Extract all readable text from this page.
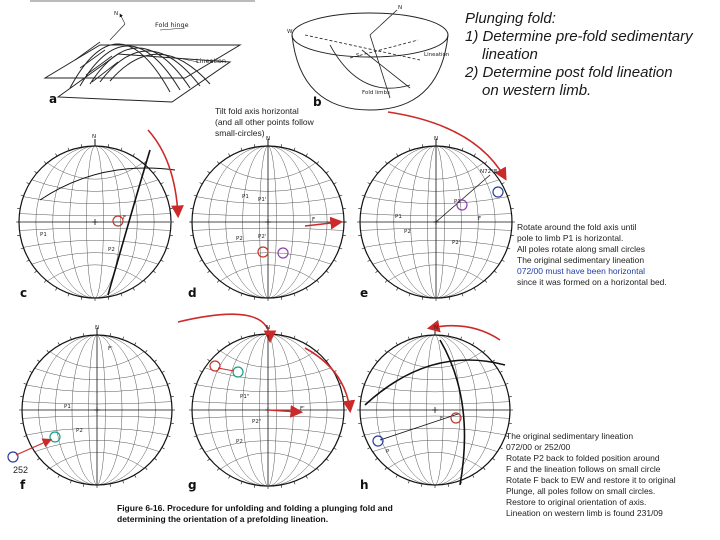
Fold hinge
Lineation
N
N
W
S	Lineation
Fold limbs
P1
P2
F
N
P1 P1'
P2	P2'
F
N
N72°E
P1
P2
P1'
P2'
F
N
P1
P2
F'
N
P1"
P2"
P2
F'
N
F
P
N
Plunging fold:
1) Determine pre-fold sedimentary
lineation
2) Determine post fold lineation
on western limb.
Tilt fold axis horizontal
(and all other points follow
small-circles)
Rotate around the fold axis until
pole to limb P1 is horizontal.
All poles rotate along small circles
The original sedimentary lineation
072/00 must have been horizontal
since it was formed on a horizontal bed.
The original sedimentary lineation
072/00 or 252/00
Rotate P2 back to folded position around
F and the lineation follows on small circle
Rotate F back to EW and restore it to original
Plunge, all poles follow on small circles.
Restore to original orientation of axis.
Lineation on western limb is found 231/09
252
a	b
c	d	e
f	g	h
Figure 6-16. Procedure for unfolding and folding a plunging fold and
determining the orientation of a prefolding lineation.
